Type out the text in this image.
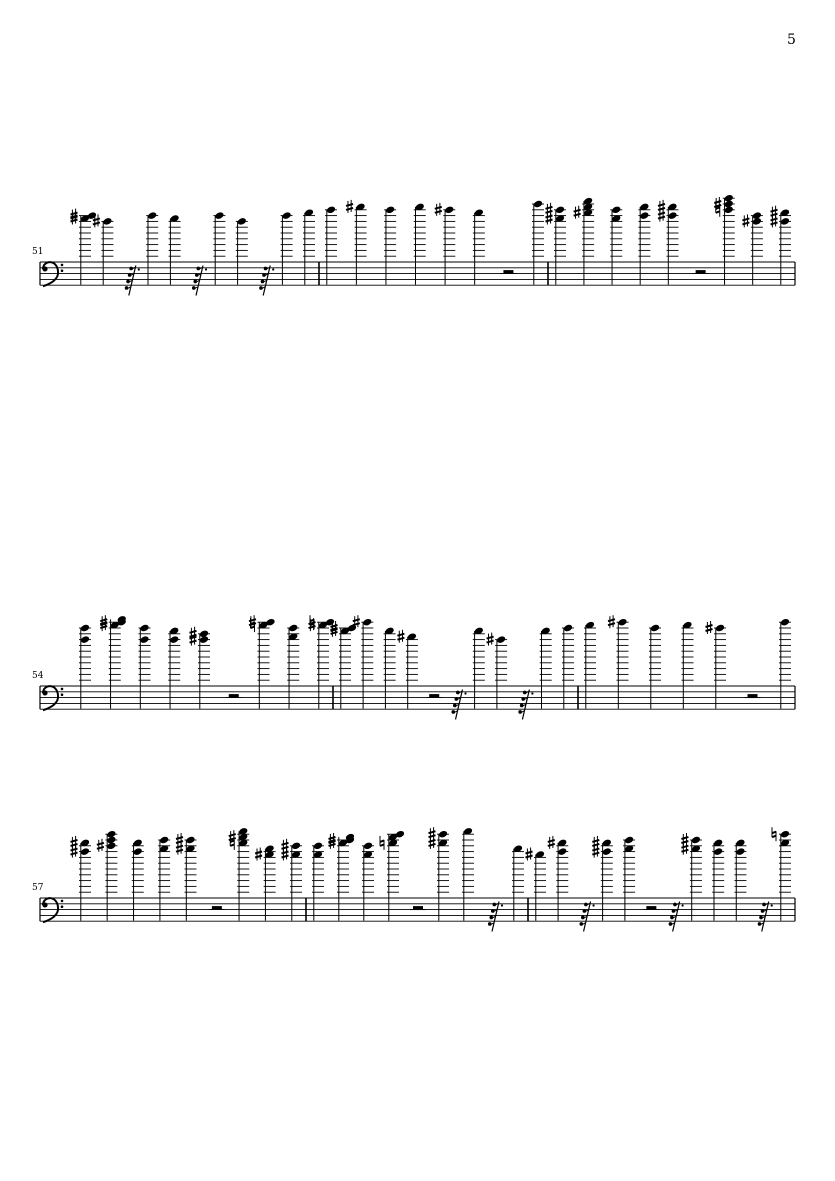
5
51
54
57
